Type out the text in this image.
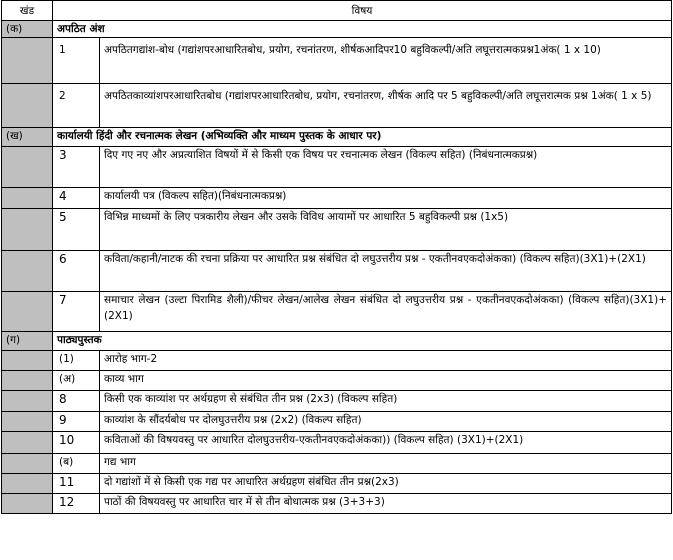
खंड	विषय	
(क)	अपठित अंश	
	1	अपठितगद्यांश-बोध (गद्यांशपरआधारितबोध, प्रयोग, रचनांतरण, शीर्षकआदिपर10 बहुविकल्पी/अति लघूत्तरात्मकप्रश्न1अंक( 1 x 10)
	2	अपठितकाव्यांशपरआधारितबोध (गद्यांशपरआधारितबोध, प्रयोग, रचनांतरण, शीर्षक आदि पर 5 बहुविकल्पी/अति लघूत्तरात्मक प्रश्न 1अंक( 1 x 5)
(ख)	कार्यालयी हिंदी और रचनात्मक लेखन (अभिव्यक्ति और माध्यम पुस्तक के आधार पर)	
	3	दिए गए नए और अप्रत्याशित विषयों में से किसी एक विषय पर रचनात्मक लेखन (विकल्प सहित) (निबंधनात्मकप्रश्न)
	4	कार्यालयी पत्र (विकल्प सहित)(निबंधनात्मकप्रश्न)
	5	विभिन्न माध्यमों के लिए पत्रकारीय लेखन और उसके विविध आयामों पर आधारित 5 बहुविकल्पी प्रश्न (1x5)
	6	कविता/कहानी/नाटक की रचना प्रक्रिया पर आधारित प्रश्न संबंधित दो लघुउत्तरीय प्रश्न - एकतीनवएकदोअंकका) (विकल्प सहित)(3X1)+(2X1)
	7	समाचार लेखन (उल्टा पिरामिड शैली)/फीचर लेखन/आलेख लेखन संबंधित दो लघुउत्तरीय प्रश्न - एकतीनवएकदोअंकका) (विकल्प सहित)(3X1)+(2X1)
(ग)	पाठ्यपुस्तक	
	(1)	आरोह भाग-2
	(अ)	काव्य भाग
	8	किसी एक काव्यांश पर अर्थग्रहण से संबंधित तीन प्रश्न (2x3) (विकल्प सहित)
	9	काव्यांश के सौंदर्यबोध पर दोलघुउत्तरीय प्रश्न (2x2) (विकल्प सहित)
	10	कविताओं की विषयवस्तु पर आधारित दोलघुउत्तरीय-एकतीनवएकदोअंकका)) (विकल्प सहित) (3X1)+(2X1)
	(ब)	गद्य भाग
	11	दो गद्यांशों में से किसी एक गद्य पर आधारित अर्थग्रहण संबंधित तीन प्रश्न(2x3)
	12	पाठों की विषयवस्तु पर आधारित चार में से तीन बोधात्मक प्रश्न (3+3+3)
